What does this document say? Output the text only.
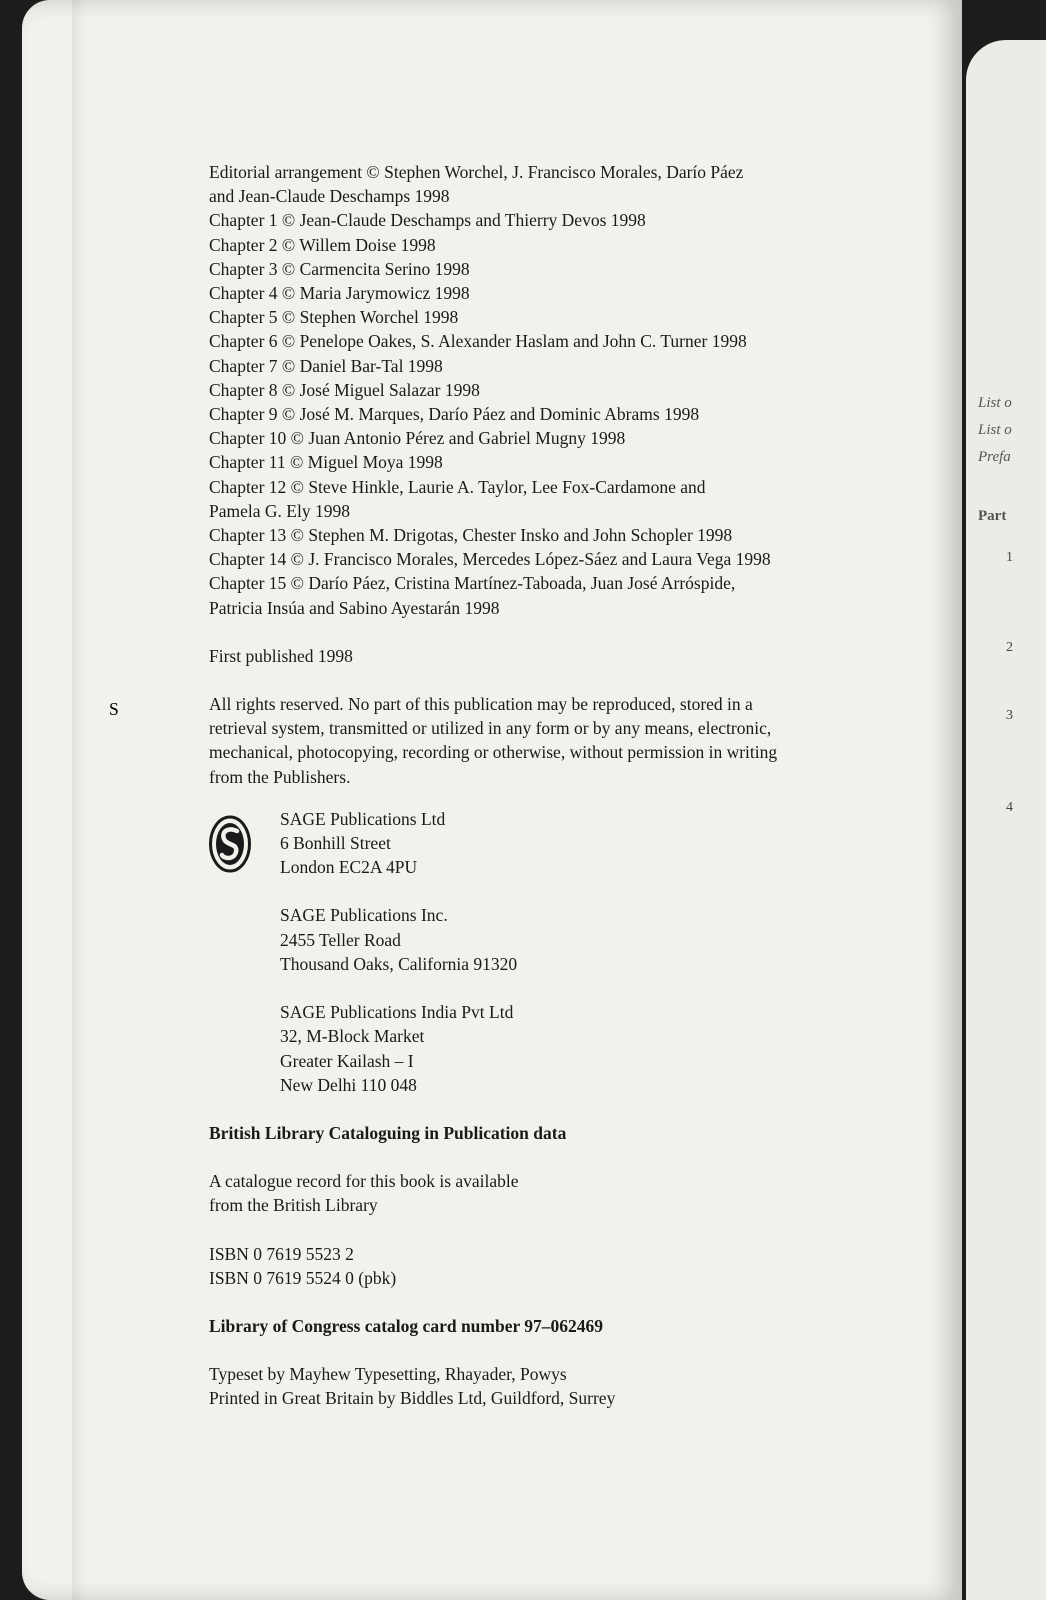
List o
List o
Prefa
Part
1
2
3
4
Editorial arrangement © Stephen Worchel, J. Francisco Morales, Darío Páez
and Jean-Claude Deschamps 1998
Chapter 1 © Jean-Claude Deschamps and Thierry Devos 1998
Chapter 2 © Willem Doise 1998
Chapter 3 © Carmencita Serino 1998
Chapter 4 © Maria Jarymowicz 1998
Chapter 5 © Stephen Worchel 1998
Chapter 6 © Penelope Oakes, S. Alexander Haslam and John C. Turner 1998
Chapter 7 © Daniel Bar-Tal 1998
Chapter 8 © José Miguel Salazar 1998
Chapter 9 © José M. Marques, Darío Páez and Dominic Abrams 1998
Chapter 10 © Juan Antonio Pérez and Gabriel Mugny 1998
Chapter 11 © Miguel Moya 1998
Chapter 12 © Steve Hinkle, Laurie A. Taylor, Lee Fox-Cardamone and
Pamela G. Ely 1998
Chapter 13 © Stephen M. Drigotas, Chester Insko and John Schopler 1998
Chapter 14 © J. Francisco Morales, Mercedes López-Sáez and Laura Vega 1998
Chapter 15 © Darío Páez, Cristina Martínez-Taboada, Juan José Arróspide,
Patricia Insúa and Sabino Ayestarán 1998
First published 1998
All rights reserved. No part of this publication may be reproduced, stored in a
retrieval system, transmitted or utilized in any form or by any means, electronic,
mechanical, photocopying, recording or otherwise, without permission in writing
from the Publishers.
S
SAGE Publications Ltd
6 Bonhill Street
London EC2A 4PU
SAGE Publications Inc.
2455 Teller Road
Thousand Oaks, California 91320
SAGE Publications India Pvt Ltd
32, M-Block Market
Greater Kailash – I
New Delhi 110 048
British Library Cataloguing in Publication data
A catalogue record for this book is available
from the British Library
ISBN 0 7619 5523 2
ISBN 0 7619 5524 0 (pbk)
Library of Congress catalog card number 97–062469
Typeset by Mayhew Typesetting, Rhayader, Powys
Printed in Great Britain by Biddles Ltd, Guildford, Surrey
